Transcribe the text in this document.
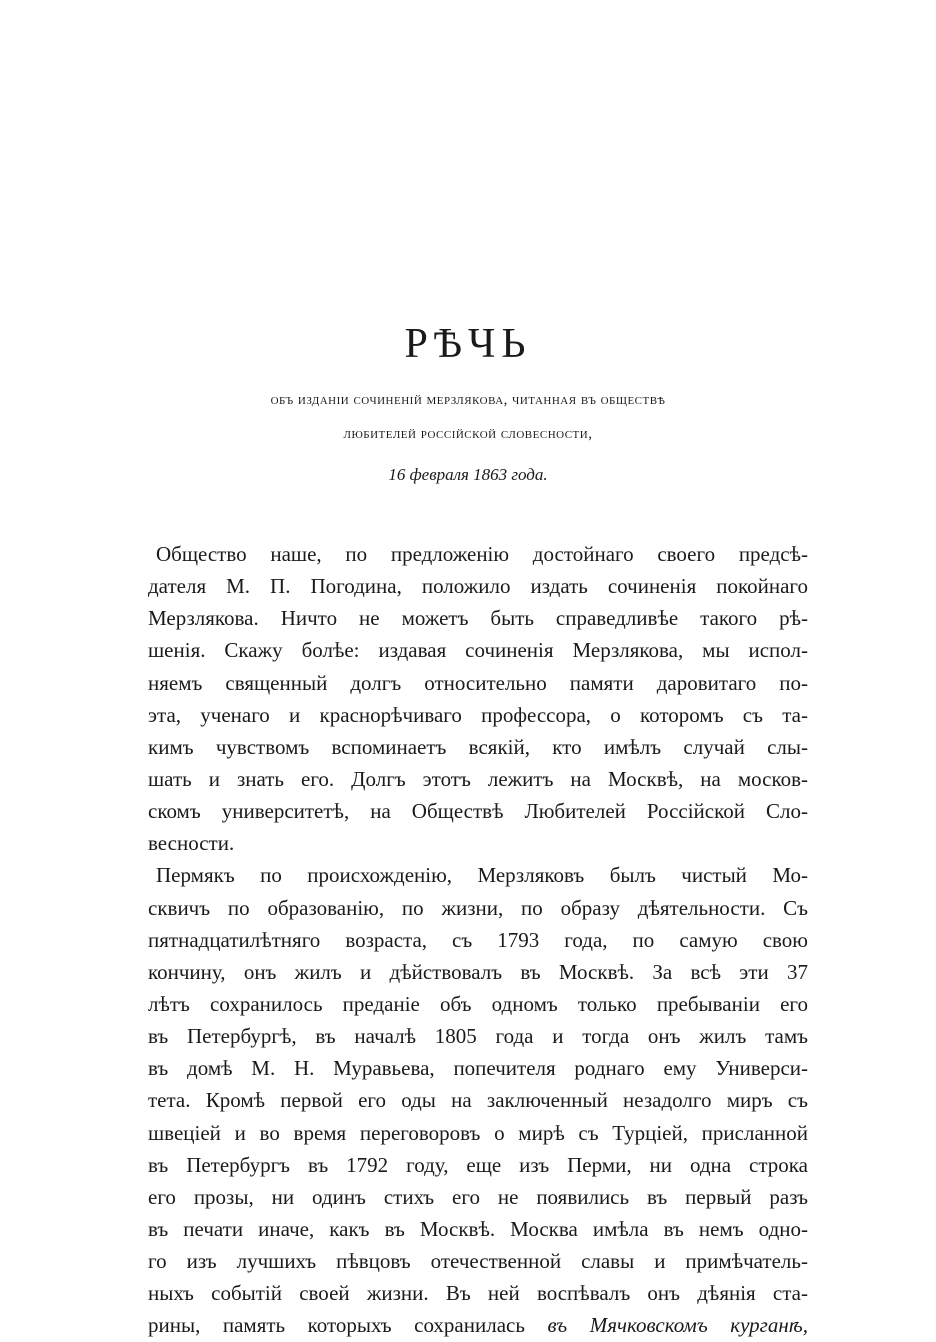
РѢЧЬ
объ изданіи сочиненій мерзлякова, читанная въ обществѣ
любителей россійской словесности,
16 февраля 1863 года.
Общество наше, по предложенію достойнаго своего предсѣ-
дателя М. П. Погодина, положило издать сочиненія покойнаго
Мерзлякова. Ничто не можетъ быть справедливѣе такого рѣ-
шенія. Скажу болѣе: издавая сочиненія Мерзлякова, мы испол-
няемъ священный долгъ относительно памяти даровитаго по-
эта, ученаго и краснорѣчиваго профессора, о которомъ съ та-
кимъ чувствомъ вспоминаетъ всякій, кто имѣлъ случай слы-
шать и знать его. Долгъ этотъ лежитъ на Москвѣ, на москов-
скомъ университетѣ, на Обществѣ Любителей Россійской Сло-
весности.
Пермякъ по происхожденію, Мерзляковъ былъ чистый Мо-
сквичъ по образованію, по жизни, по образу дѣятельности. Съ
пятнадцатилѣтняго возраста, съ 1793 года, по самую свою
кончину, онъ жилъ и дѣйствовалъ въ Москвѣ. За всѣ эти 37
лѣтъ сохранилось преданіе объ одномъ только пребываніи его
въ Петербургѣ, въ началѣ 1805 года и тогда онъ жилъ тамъ
въ домѣ М. Н. Муравьева, попечителя роднаго ему Универси-
тета. Кромѣ первой его оды на заключенный незадолго миръ съ
швеціей и во время переговоровъ о мирѣ съ Турціей, присланной
въ Петербургъ въ 1792 году, еще изъ Перми, ни одна строка
его прозы, ни одинъ стихъ его не появились въ первый разъ
въ печати иначе, какъ въ Москвѣ. Москва имѣла въ немъ одно-
го изъ лучшихъ пѣвцовъ отечественной славы и примѣчатель-
ныхъ событій своей жизни. Въ ней воспѣвалъ онъ дѣянія ста-
рины, память которыхъ сохранилась въ Мячковскомъ курганѣ,
